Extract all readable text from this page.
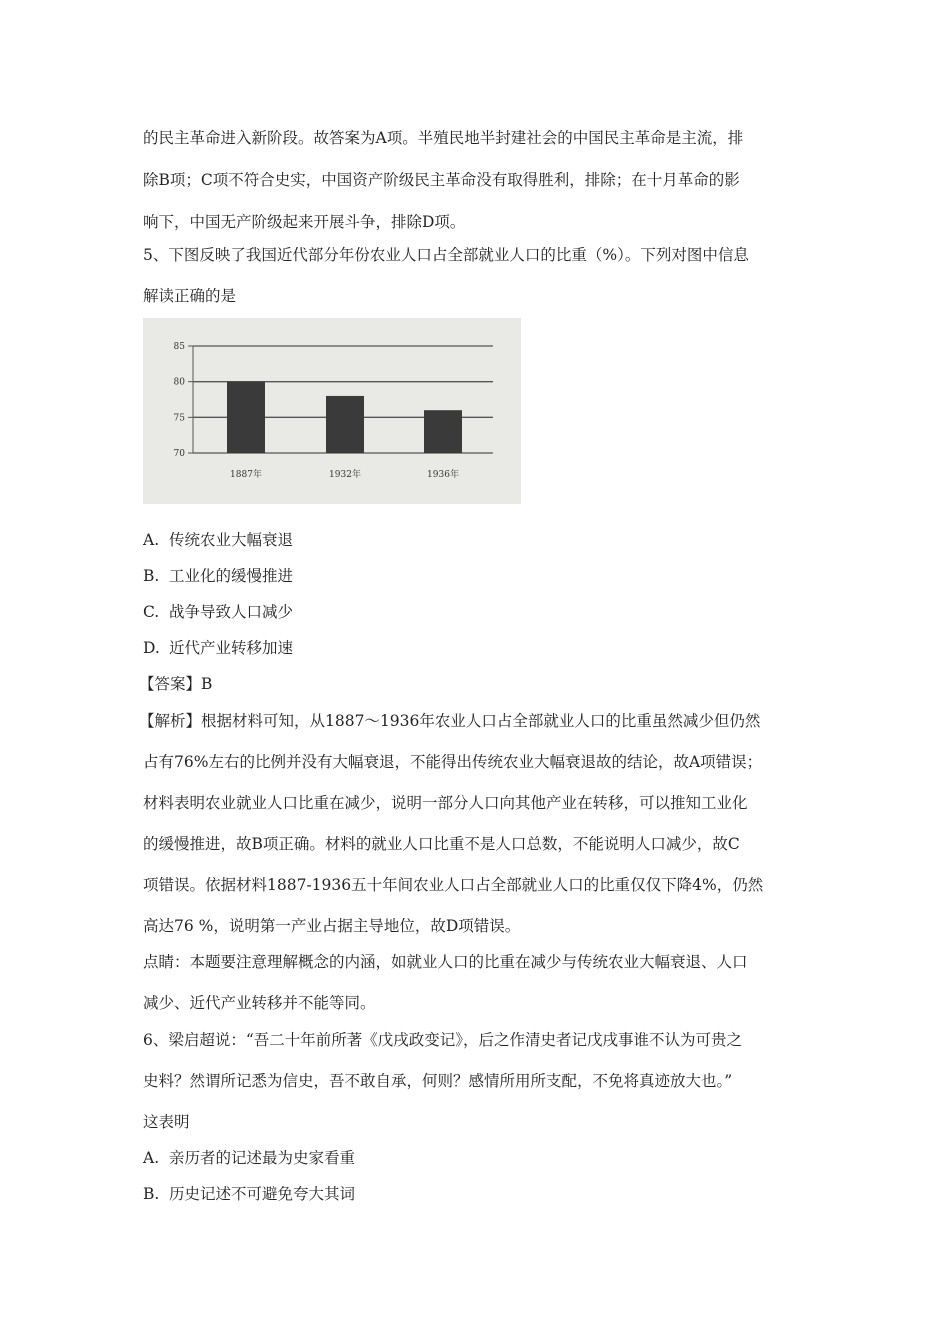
的民主革命进入新阶段。故答案为A项。半殖民地半封建社会的中国民主革命是主流，排
除B项；C项不符合史实，中国资产阶级民主革命没有取得胜利，排除；在十月革命的影
响下，中国无产阶级起来开展斗争，排除D项。
5、下图反映了我国近代部分年份农业人口占全部就业人口的比重（%）。下列对图中信息
解读正确的是
85
80
75
70
1887年	1932年	1936年
A. 传统农业大幅衰退
B. 工业化的缓慢推进
C. 战争导致人口减少
D. 近代产业转移加速
【答案】B
【解析】根据材料可知，从1887～1936年农业人口占全部就业人口的比重虽然减少但仍然
占有76%左右的比例并没有大幅衰退，不能得出传统农业大幅衰退故的结论，故A项错误；
材料表明农业就业人口比重在减少，说明一部分人口向其他产业在转移，可以推知工业化
的缓慢推进，故B项正确。材料的就业人口比重不是人口总数，不能说明人口减少，故C
项错误。依据材料1887-1936五十年间农业人口占全部就业人口的比重仅仅下降4%，仍然
高达76 %，说明第一产业占据主导地位，故D项错误。
点睛：本题要注意理解概念的内涵，如就业人口的比重在减少与传统农业大幅衰退、人口
减少、近代产业转移并不能等同。
6、梁启超说：“吾二十年前所著《戊戌政变记》，后之作清史者记戊戌事谁不认为可贵之
史料？然谓所记悉为信史，吾不敢自承，何则？感情所用所支配，不免将真迹放大也。”
这表明
A. 亲历者的记述最为史家看重
B. 历史记述不可避免夸大其词
